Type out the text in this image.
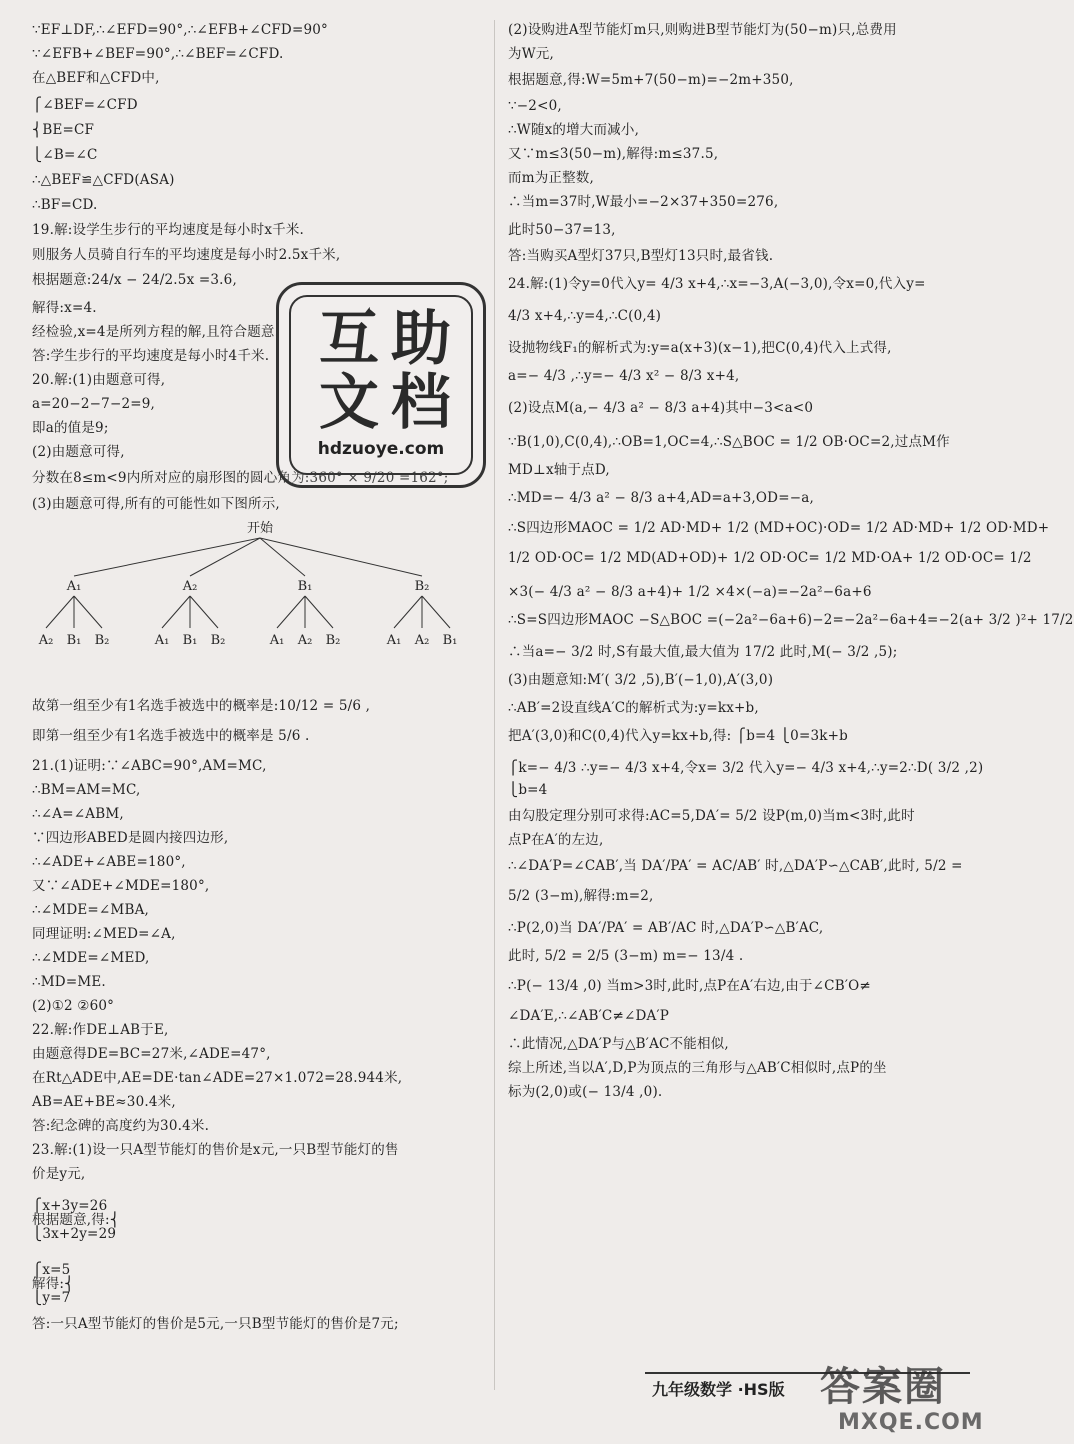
∵EF⊥DF,∴∠EFD=90°,∴∠EFB+∠CFD=90°
∵∠EFB+∠BEF=90°,∴∠BEF=∠CFD.
在△BEF和△CFD中,
⎧∠BEF=∠CFD
⎨BE=CF
⎩∠B=∠C
∴△BEF≌△CFD(ASA)
∴BF=CD.
19.解:设学生步行的平均速度是每小时x千米.
则服务人员骑自行车的平均速度是每小时2.5x千米,
根据题意:24/x − 24/2.5x =3.6,
解得:x=4.
经检验,x=4是所列方程的解,且符合题意.
答:学生步行的平均速度是每小时4千米.
20.解:(1)由题意可得,
a=20−2−7−2=9,
即a的值是9;
(2)由题意可得,
分数在8≤m<9内所对应的扇形图的圆心角为:360° × 9/20 =162°;
(3)由题意可得,所有的可能性如下图所示,
故第一组至少有1名选手被选中的概率是:10/12 = 5/6 ,
即第一组至少有1名选手被选中的概率是 5/6 .
21.(1)证明:∵∠ABC=90°,AM=MC,
∴BM=AM=MC,
∴∠A=∠ABM,
∵四边形ABED是圆内接四边形,
∴∠ADE+∠ABE=180°,
又∵∠ADE+∠MDE=180°,
∴∠MDE=∠MBA,
同理证明:∠MED=∠A,
∴∠MDE=∠MED,
∴MD=ME.
(2)①2 ②60°
22.解:作DE⊥AB于E,
由题意得DE=BC=27米,∠ADE=47°,
在Rt△ADE中,AE=DE·tan∠ADE=27×1.072=28.944米,
AB=AE+BE≈30.4米,
答:纪念碑的高度约为30.4米.
23.解:(1)设一只A型节能灯的售价是x元,一只B型节能灯的售
价是y元,
⎧x+3y=26
根据题意,得:⎨
⎩3x+2y=29
⎧x=5
解得:⎨
⎩y=7
答:一只A型节能灯的售价是5元,一只B型节能灯的售价是7元;
开始
A₁
A₂ B₁ B₂
A₂
A₁ B₁ B₂
B₁
A₁ A₂ B₂
B₂
A₁ A₂ B₁
(2)设购进A型节能灯m只,则购进B型节能灯为(50−m)只,总费用
为W元,
根据题意,得:W=5m+7(50−m)=−2m+350,
∵−2<0,
∴W随x的增大而减小,
又∵m≤3(50−m),解得:m≤37.5,
而m为正整数,
∴当m=37时,W最小=−2×37+350=276,
此时50−37=13,
答:当购买A型灯37只,B型灯13只时,最省钱.
24.解:(1)令y=0代入y= 4/3 x+4,∴x=−3,A(−3,0),令x=0,代入y=
4/3 x+4,∴y=4,∴C(0,4)
设抛物线F₁的解析式为:y=a(x+3)(x−1),把C(0,4)代入上式得,
a=− 4/3 ,∴y=− 4/3 x² − 8/3 x+4,
(2)设点M(a,− 4/3 a² − 8/3 a+4)其中−3<a<0
∵B(1,0),C(0,4),∴OB=1,OC=4,∴S△BOC = 1/2 OB·OC=2,过点M作
MD⊥x轴于点D,
∴MD=− 4/3 a² − 8/3 a+4,AD=a+3,OD=−a,
∴S四边形MAOC = 1/2 AD·MD+ 1/2 (MD+OC)·OD= 1/2 AD·MD+ 1/2 OD·MD+
1/2 OD·OC= 1/2 MD(AD+OD)+ 1/2 OD·OC= 1/2 MD·OA+ 1/2 OD·OC= 1/2
×3(− 4/3 a² − 8/3 a+4)+ 1/2 ×4×(−a)=−2a²−6a+6
∴S=S四边形MAOC −S△BOC =(−2a²−6a+6)−2=−2a²−6a+4=−2(a+ 3/2 )²+ 17/2
∴当a=− 3/2 时,S有最大值,最大值为 17/2 此时,M(− 3/2 ,5);
(3)由题意知:M′( 3/2 ,5),B′(−1,0),A′(3,0)
∴AB′=2设直线A′C的解析式为:y=kx+b,
把A′(3,0)和C(0,4)代入y=kx+b,得: ⎧b=4 ⎩0=3k+b
⎧k=− 4/3 ∴y=− 4/3 x+4,令x= 3/2 代入y=− 4/3 x+4,∴y=2∴D( 3/2 ,2)
⎩b=4
由勾股定理分别可求得:AC=5,DA′= 5/2 设P(m,0)当m<3时,此时
点P在A′的左边,
∴∠DA′P=∠CAB′,当 DA′/PA′ = AC/AB′ 时,△DA′P∽△CAB′,此时, 5/2 =
5/2 (3−m),解得:m=2,
∴P(2,0)当 DA′/PA′ = AB′/AC 时,△DA′P∽△B′AC,
此时, 5/2 = 2/5 (3−m) m=− 13/4 .
∴P(− 13/4 ,0) 当m>3时,此时,点P在A′右边,由于∠CB′O≠
∠DA′E,∴∠AB′C≠∠DA′P
∴此情况,△DA′P与△B′AC不能相似,
综上所述,当以A′,D,P为顶点的三角形与△AB′C相似时,点P的坐
标为(2,0)或(− 13/4 ,0).
互 助
文 档
hdzuoye.com
九年级数学 ·HS版 答案圈
MXQE.COM
